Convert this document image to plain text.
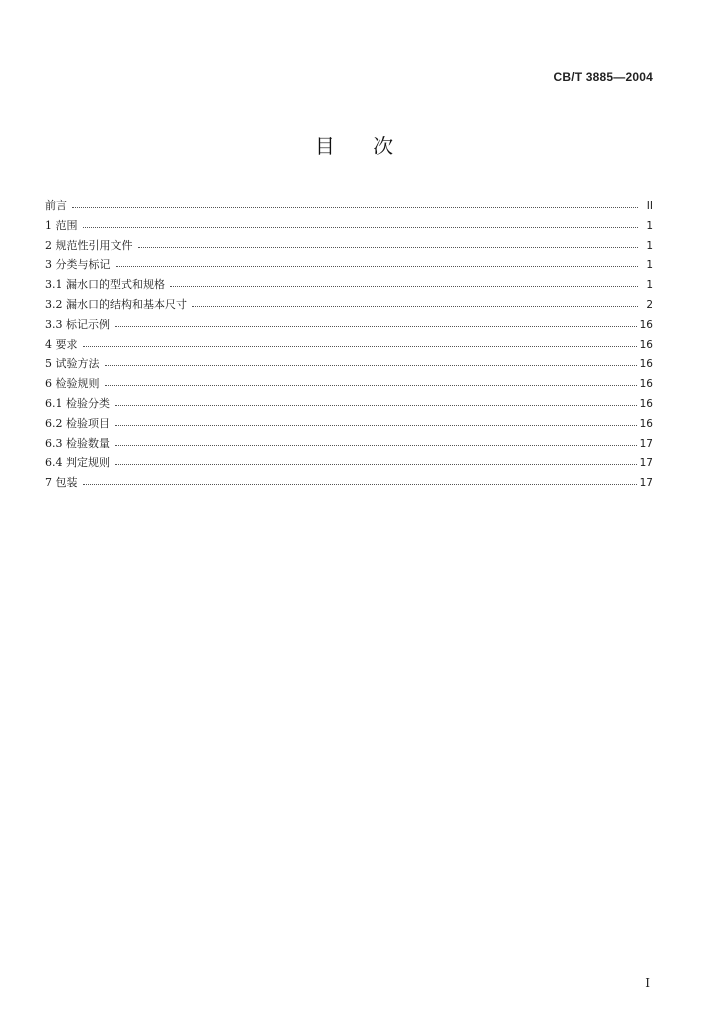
CB/T 3885—2004
目 次
前言	II
1 范围	1
2 规范性引用文件	1
3 分类与标记	1
3.1 漏水口的型式和规格	1
3.2 漏水口的结构和基本尺寸	2
3.3 标记示例	16
4 要求	16
5 试验方法	16
6 检验规则	16
6.1 检验分类	16
6.2 检验项目	16
6.3 检验数量	17
6.4 判定规则	17
7 包装	17
I
